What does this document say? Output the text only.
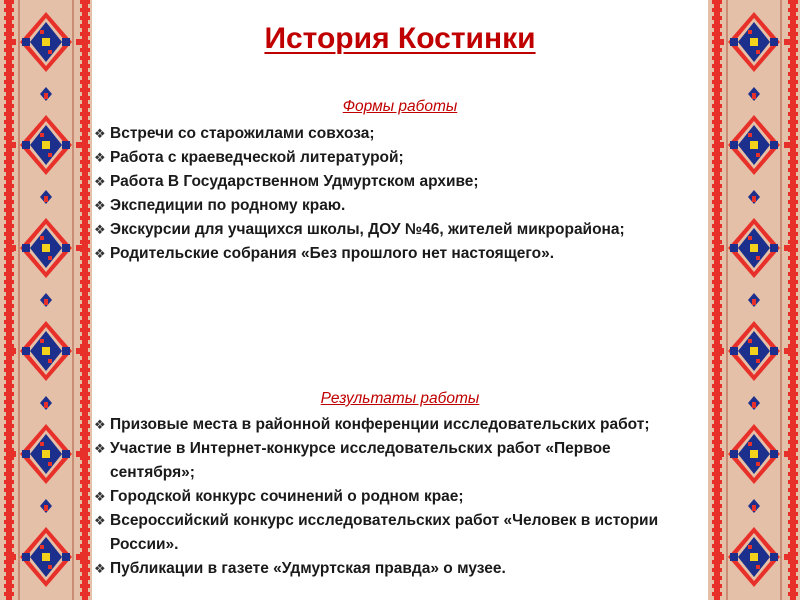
История Костинки

Формы работы

❖ Встречи со старожилами совхоза;
❖ Работа с краеведческой литературой;
❖ Работа В Государственном Удмуртском архиве;
❖ Экспедиции по родному краю.
❖ Экскурсии для учащихся школы, ДОУ №46, жителей микрорайона;
❖ Родительские собрания «Без прошлого нет настоящего».

Результаты работы

❖ Призовые места в районной конференции исследовательских работ;
❖ Участие в Интернет-конкурсе исследовательских работ «Первое сентября»;
❖ Городской конкурс сочинений о родном крае;
❖ Всероссийский конкурс исследовательских работ «Человек в истории России».
❖ Публикации в газете «Удмуртская правда» о музее.
